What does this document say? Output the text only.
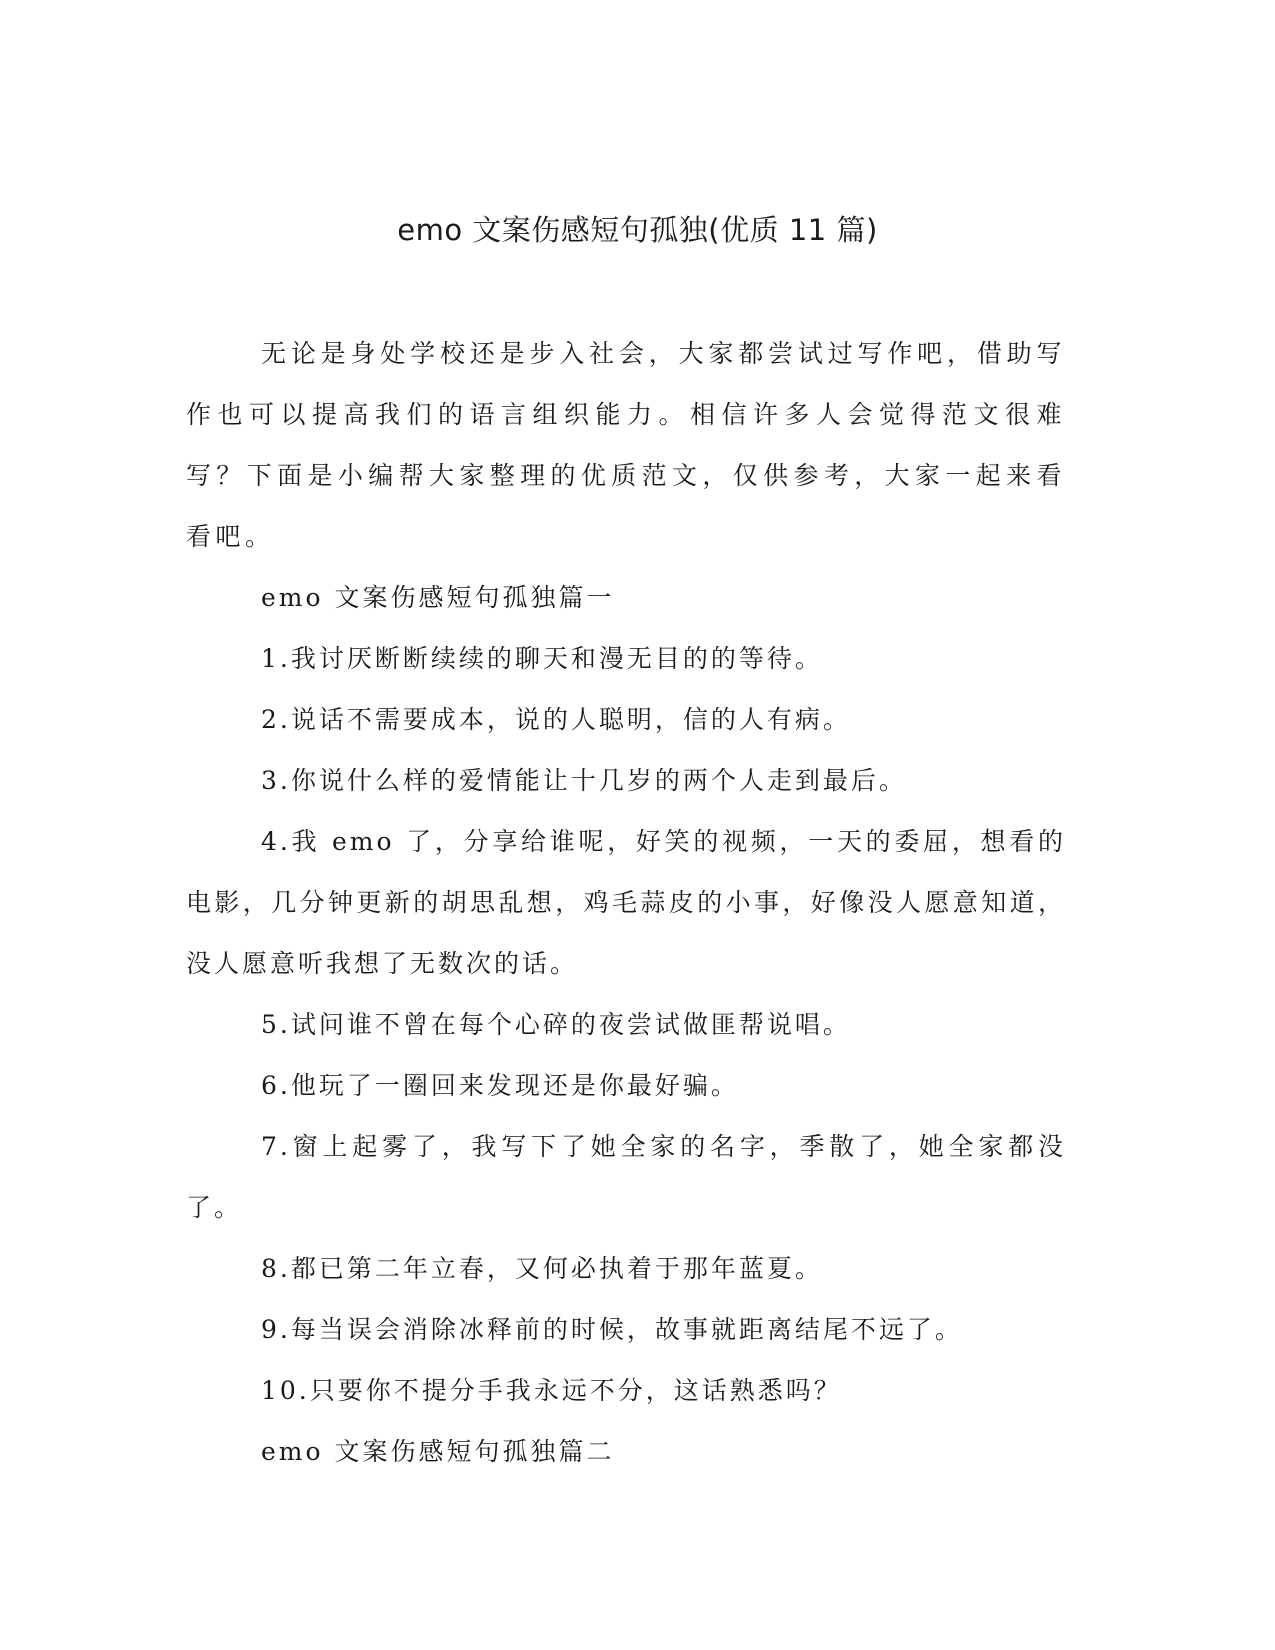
emo 文案伤感短句孤独(优质 11 篇)

无论是身处学校还是步入社会，大家都尝试过写作吧，借助写作也可以提高我们的语言组织能力。相信许多人会觉得范文很难写？下面是小编帮大家整理的优质范文，仅供参考，大家一起来看看吧。

emo 文案伤感短句孤独篇一

1.我讨厌断断续续的聊天和漫无目的的等待。

2.说话不需要成本，说的人聪明，信的人有病。

3.你说什么样的爱情能让十几岁的两个人走到最后。

4.我 emo 了，分享给谁呢，好笑的视频，一天的委屈，想看的电影，几分钟更新的胡思乱想，鸡毛蒜皮的小事，好像没人愿意知道，没人愿意听我想了无数次的话。

5.试问谁不曾在每个心碎的夜尝试做匪帮说唱。

6.他玩了一圈回来发现还是你最好骗。

7.窗上起雾了，我写下了她全家的名字，季散了，她全家都没了。

8.都已第二年立春，又何必执着于那年蓝夏。

9.每当误会消除冰释前的时候，故事就距离结尾不远了。

10.只要你不提分手我永远不分，这话熟悉吗？

emo 文案伤感短句孤独篇二
